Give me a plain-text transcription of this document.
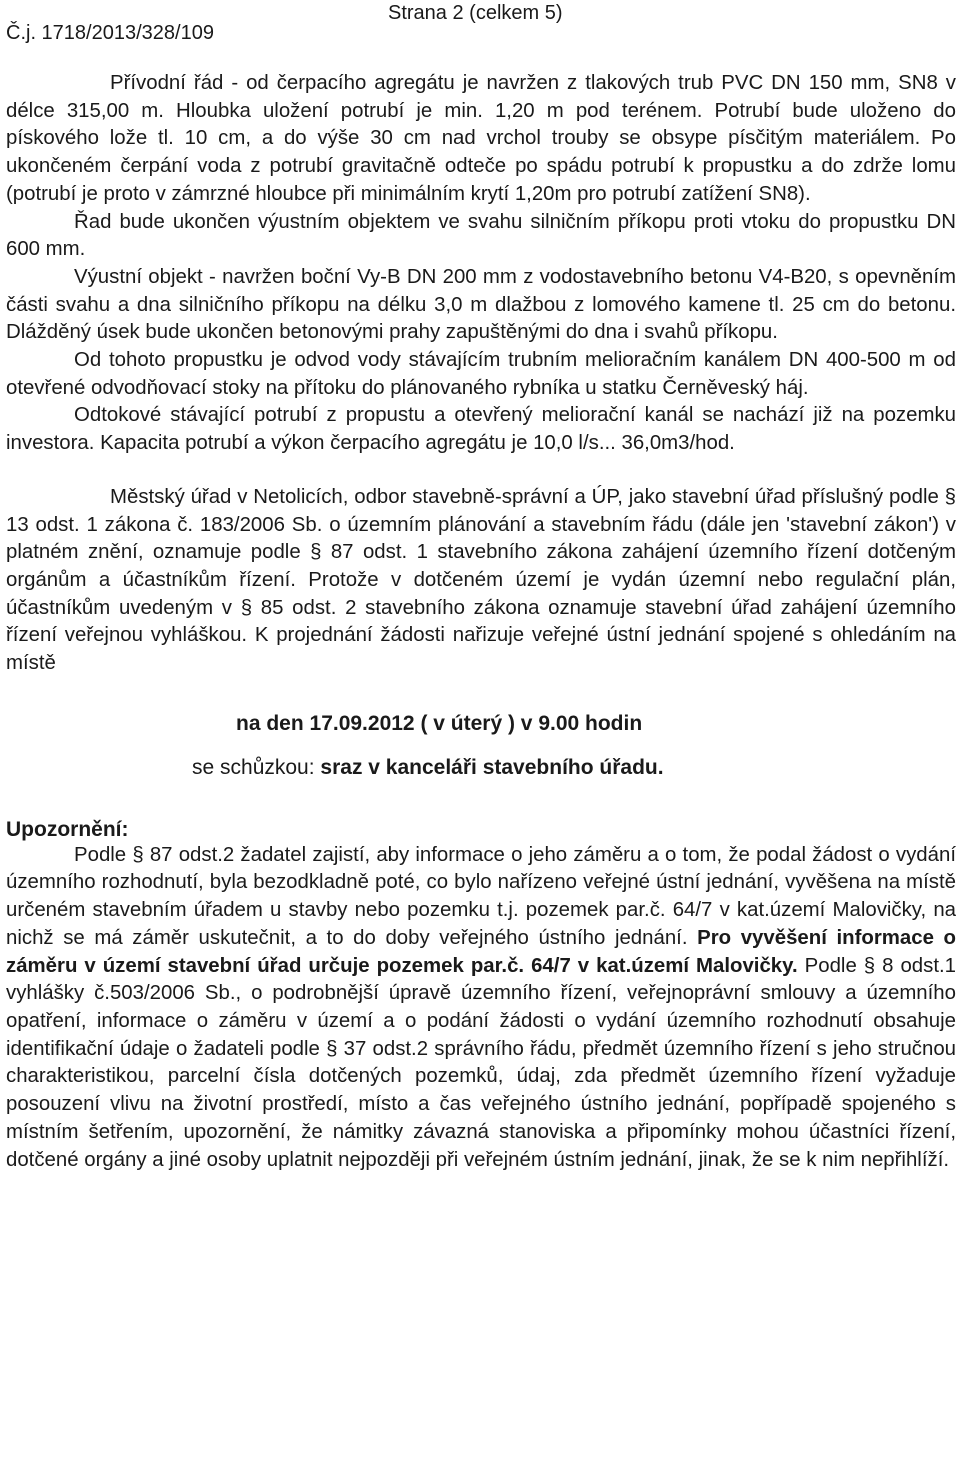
Č.j. 1718/2013/328/109
Strana 2 (celkem 5)

Přívodní řád - od čerpacího agregátu je navržen z tlakových trub PVC DN 150 mm, SN8 v délce 315,00 m. Hloubka uložení potrubí je min. 1,20 m pod terénem. Potrubí bude uloženo do pískového lože tl. 10 cm, a do výše 30 cm nad vrchol trouby se obsype písčitým materiálem. Po ukončeném čerpání voda z potrubí gravitačně odteče po spádu potrubí k propustku a do zdrže lomu (potrubí je proto v zámrzné hloubce při minimálním krytí 1,20m pro potrubí zatížení SN8).

Řad bude ukončen výustním objektem ve svahu silničním příkopu proti vtoku do propustku DN 600 mm.

Výustní objekt - navržen boční Vy-B DN 200 mm z vodostavebního betonu V4-B20, s opevněním části svahu a dna silničního příkopu na délku 3,0 m dlažbou z lomového kamene tl. 25 cm do betonu. Dlážděný úsek bude ukončen betonovými prahy zapuštěnými do dna i svahů příkopu.

Od tohoto propustku je odvod vody stávajícím trubním melioračním kanálem DN 400-500 m od otevřené odvodňovací stoky na přítoku do plánovaného rybníka u statku Černěveský háj.

Odtokové stávající potrubí z propustu a otevřený meliorační kanál se nachází již na pozemku investora. Kapacita potrubí a výkon čerpacího agregátu je 10,0 l/s... 36,0m3/hod.

Městský úřad v Netolicích, odbor stavebně-správní a ÚP, jako stavební úřad příslušný podle § 13 odst. 1 zákona č. 183/2006 Sb. o územním plánování a stavebním řádu (dále jen 'stavební zákon') v platném znění, oznamuje podle § 87 odst. 1 stavebního zákona zahájení územního řízení dotčeným orgánům a účastníkům řízení. Protože v dotčeném území je vydán územní nebo regulační plán, účastníkům uvedeným v § 85 odst. 2 stavebního zákona oznamuje stavební úřad zahájení územního řízení veřejnou vyhláškou. K projednání žádosti nařizuje veřejné ústní jednání spojené s ohledáním na místě

na den 17.09.2012 ( v úterý ) v 9.00 hodin
se schůzkou: sraz v kanceláři stavebního úřadu.
Upozornění:

Podle § 87 odst.2 žadatel zajistí, aby informace o jeho záměru a o tom, že podal žádost o vydání územního rozhodnutí, byla bezodkladně poté, co bylo nařízeno veřejné ústní jednání, vyvěšena na místě určeném stavebním úřadem u stavby nebo pozemku t.j. pozemek par.č. 64/7 v kat.území Malovičky, na nichž se má záměr uskutečnit, a to do doby veřejného ústního jednání. Pro vyvěšení informace o záměru v území stavební úřad určuje pozemek par.č. 64/7 v kat.území Malovičky. Podle § 8 odst.1 vyhlášky č.503/2006 Sb., o podrobnější úpravě územního řízení, veřejnoprávní smlouvy a územního opatření, informace o záměru v území a o podání žádosti o vydání územního rozhodnutí obsahuje identifikační údaje o žadateli podle § 37 odst.2 správního řádu, předmět územního řízení s jeho stručnou charakteristikou, parcelní čísla dotčených pozemků, údaj, zda předmět územního řízení vyžaduje posouzení vlivu na životní prostředí, místo a čas veřejného ústního jednání, popřípadě spojeného s místním šetřením, upozornění, že námitky závazná stanoviska a připomínky mohou účastníci řízení, dotčené orgány a jiné osoby uplatnit nejpozději při veřejném ústním jednání, jinak, že se k nim nepřihlíží.
